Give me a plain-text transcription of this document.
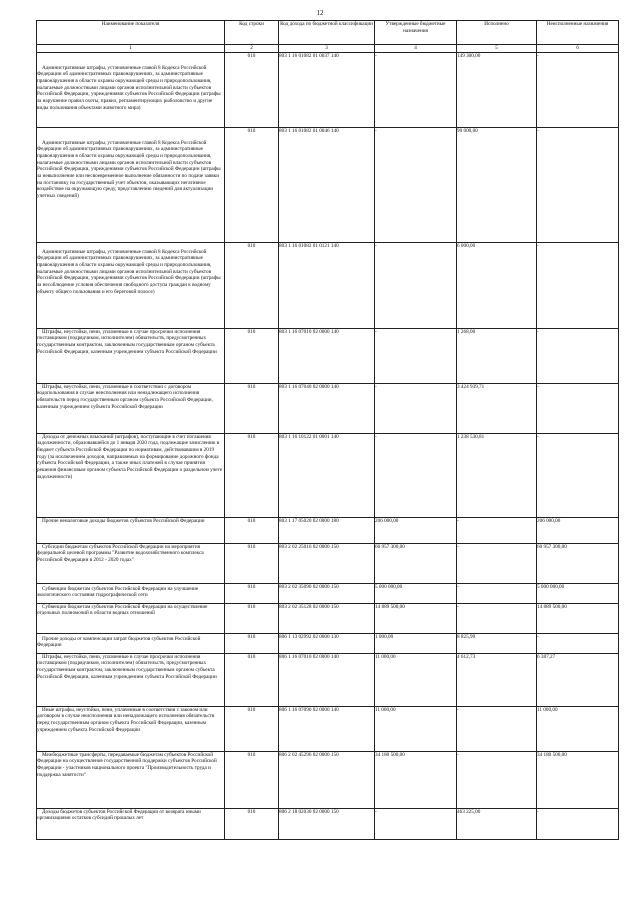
12
Наименование показателя	Код строки	Код дохода по бюджетной классификации	Утвержденные бюджетные назначения	Исполнено	Неисполненные назначения
1	2	3	4	5	6

Административные штрафы, установленные главой 8 Кодекса Российской Федерации об административных правонарушениях, за административные правонарушения в области охраны окружающей среды и природопользования, налагаемые должностными лицами органов исполнительной власти субъектов Российской Федерации, учреждениями субъектов Российской Федерации (штрафы за нарушение правил охоты, правил, регламентирующих рыболовство и другие виды пользования объектами животного мира)	010	803 1 16 01082 01 0037 140	-	149 300,00	-

Административные штрафы, установленные главой 8 Кодекса Российской Федерации об административных правонарушениях, за административные правонарушения в области охраны окружающей среды и природопользования, налагаемые должностными лицами органов исполнительной власти субъектов Российской Федерации, учреждениями субъектов Российской Федерации (штрафы за невыполнение или несвоевременное выполнение обязанности по подаче заявки на постановку на государственный учет объектов, оказывающих негативное воздействие на окружающую среду, представлению сведений для актуализации учетных сведений)	010	803 1 16 01082 01 0046 140	-	90 000,00	-

Административные штрафы, установленные главой 8 Кодекса Российской Федерации об административных правонарушениях, за административные правонарушения в области охраны окружающей среды и природопользования, налагаемые должностными лицами органов исполнительной власти субъектов Российской Федерации, учреждениями субъектов Российской Федерации (штрафы за несоблюдение условия обеспечения свободного доступа граждан к водному объекту общего пользования и его береговой полосе)	010	803 1 16 01082 01 0121 140	-	6 000,00	-

Штрафы, неустойки, пени, уплаченные в случае просрочки исполнения поставщиком (подрядчиком, исполнителем) обязательств, предусмотренных государственным контрактом, заключенным государственным органом субъекта Российской Федерации, казенным учреждением субъекта Российской Федерации	010	803 1 16 07010 02 0000 140	-	1 268,00	-

Штрафы, неустойки, пени, уплаченные в соответствии с договором водопользования в случае неисполнения или ненадлежащего исполнения обязательств перед государственным органом субъекта Российской Федерации, казенным учреждением субъекта Российской Федерации	010	803 1 16 07040 02 0000 140	-	3 424 939,71	-

Доходы от денежных взысканий (штрафов), поступающие в счет погашения задолженности, образовавшейся до 1 января 2020 года, подлежащие зачислению в бюджет субъекта Российской Федерации по нормативам, действовавшим в 2019 году (за исключением доходов, направляемых на формирование дорожного фонда субъекта Российской Федерации, а также иных платежей в случае принятия решения финансовым органом субъекта Российской Федерации о раздельном учете задолженности)	010	803 1 16 10122 01 0001 140	-	1 238 530,81	-

Прочие неналоговые доходы бюджетов субъектов Российской Федерации	010	803 1 17 05020 02 0000 180	206 000,00	-	206 000,00

Субсидии бюджетам субъектов Российской Федерации на мероприятия федеральной целевой программы "Развитие водохозяйственного комплекса Российской Федерации в 2012 - 2020 годах"	010	803 2 02 25016 02 0000 150	60 957 300,00	-	60 957 300,00

Субвенции бюджетам субъектов Российской Федерации на улучшение экологического состояния гидрографической сети	010	803 2 02 35090 02 0000 150	5 000 000,00	-	5 000 000,00

Субвенции бюджетам субъектов Российской Федерации на осуществление отдельных полномочий в области водных отношений	010	803 2 02 35128 02 0000 150	14 889 500,00	-	14 889 500,00

Прочие доходы от компенсации затрат бюджетов субъектов Российской Федерации	010	806 1 13 02992 02 0000 130	1 000,00	8 825,99	-

Штрафы, неустойки, пени, уплаченные в случае просрочки исполнения поставщиком (подрядчиком, исполнителем) обязательств, предусмотренных государственным контрактом, заключенным государственным органом субъекта Российской Федерации, казенным учреждением субъекта Российской Федерации	010	806 1 16 07010 02 0000 140	11 000,00	4 612,73	6 387,27

Иные штрафы, неустойки, пени, уплаченные в соответствии с законом или договором в случае неисполнения или ненадлежащего исполнения обязательств перед государственным органом субъекта Российской Федерации, казенным учреждением субъекта Российской Федерации	010	806 1 16 07090 02 0000 140	11 000,00	-	11 000,00

Межбюджетные трансферты, передаваемые бюджетам субъектов Российской Федерации на осуществление государственной поддержки субъектов Российской Федерации - участников национального проекта "Производительность труда и поддержка занятости"	010	806 2 02 45296 02 0000 150	34 180 500,00	-	34 180 500,00

Доходы бюджетов субъектов Российской Федерации от возврата иными организациями остатков субсидий прошлых лет	010	806 2 18 02030 02 0000 150	-	463 225,00	-
